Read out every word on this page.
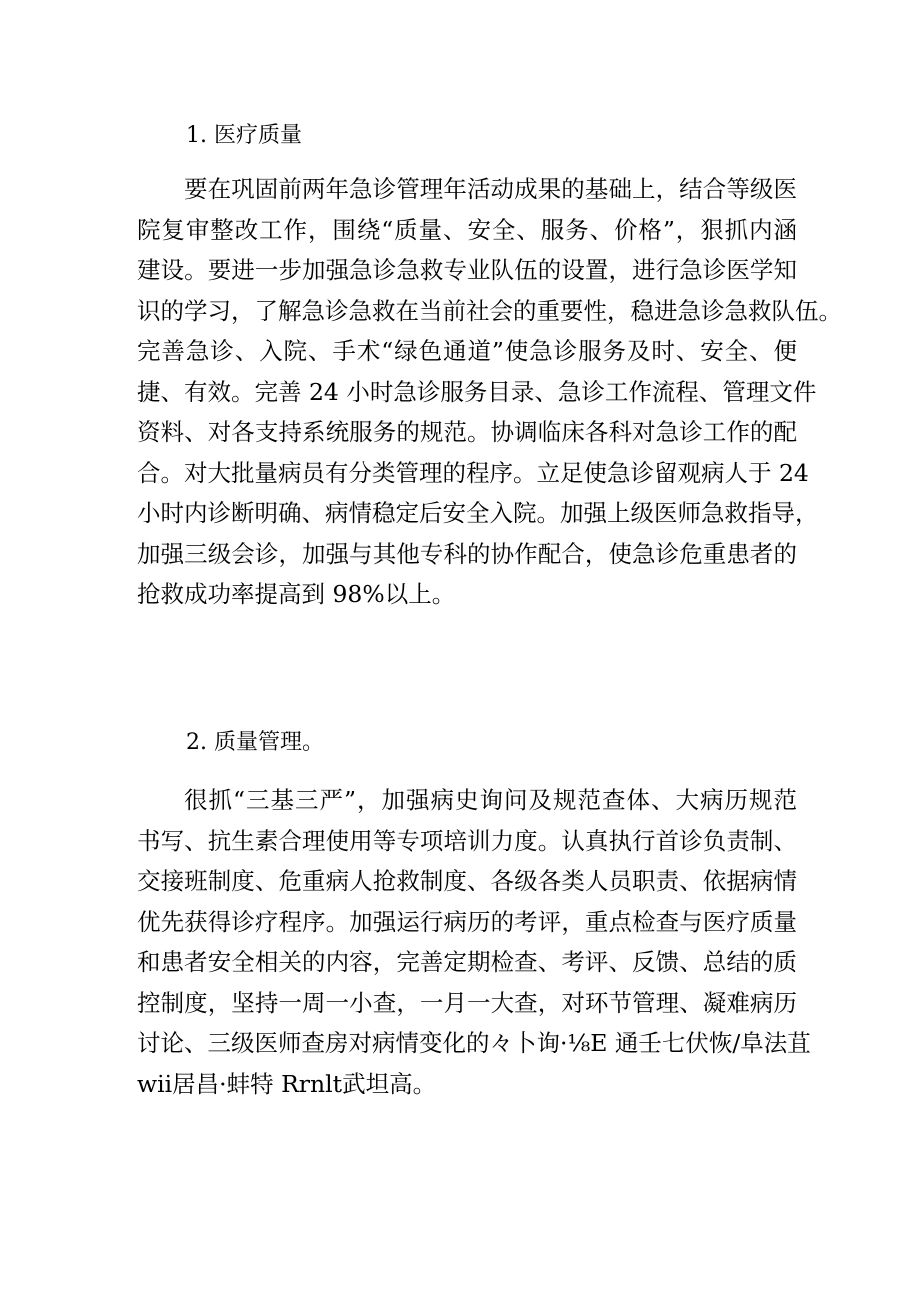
1. 医疗质量
要在巩固前两年急诊管理年活动成果的基础上，结合等级医
院复审整改工作，围绕“质量、安全、服务、价格”，狠抓内涵
建设。要进一步加强急诊急救专业队伍的设置，进行急诊医学知
识的学习，了解急诊急救在当前社会的重要性，稳进急诊急救队伍。
完善急诊、入院、手术“绿色通道”使急诊服务及时、安全、便
捷、有效。完善 24 小时急诊服务目录、急诊工作流程、管理文件
资料、对各支持系统服务的规范。协调临床各科对急诊工作的配
合。对大批量病员有分类管理的程序。立足使急诊留观病人于 24
小时内诊断明确、病情稳定后安全入院。加强上级医师急救指导，
加强三级会诊，加强与其他专科的协作配合，使急诊危重患者的
抢救成功率提高到 98%以上。
2. 质量管理。
很抓“三基三严”，加强病史询问及规范查体、大病历规范
书写、抗生素合理使用等专项培训力度。认真执行首诊负责制、
交接班制度、危重病人抢救制度、各级各类人员职责、依据病情
优先获得诊疗程序。加强运行病历的考评，重点检查与医疗质量
和患者安全相关的内容，完善定期检查、考评、反馈、总结的质
控制度，坚持一周一小查，一月一大查，对环节管理、凝难病历
讨论、三级医师查房对病情变化的々卜询·⅛E 通壬七伏恢/阜法苴
wii居昌·蚌特 Rrnlt武坦高。
